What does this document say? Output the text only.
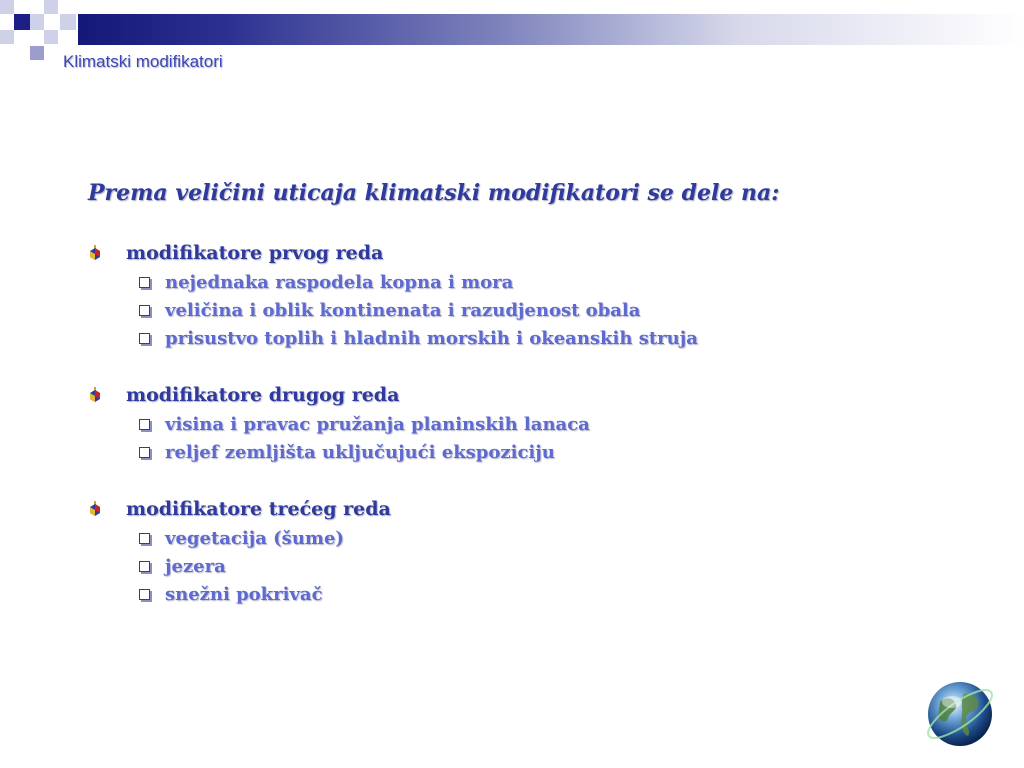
Klimatski modifikatori
Prema veličini uticaja klimatski modifikatori se dele na:
modifikatore prvog reda
nejednaka raspodela kopna i mora
veličina i oblik kontinenata i razudjenost obala
prisustvo toplih i hladnih morskih i okeanskih struja
modifikatore drugog reda
visina i pravac pružanja planinskih lanaca
reljef zemljišta uključujući ekspoziciju
modifikatore trećeg reda
vegetacija (šume)
jezera
snežni pokrivač
